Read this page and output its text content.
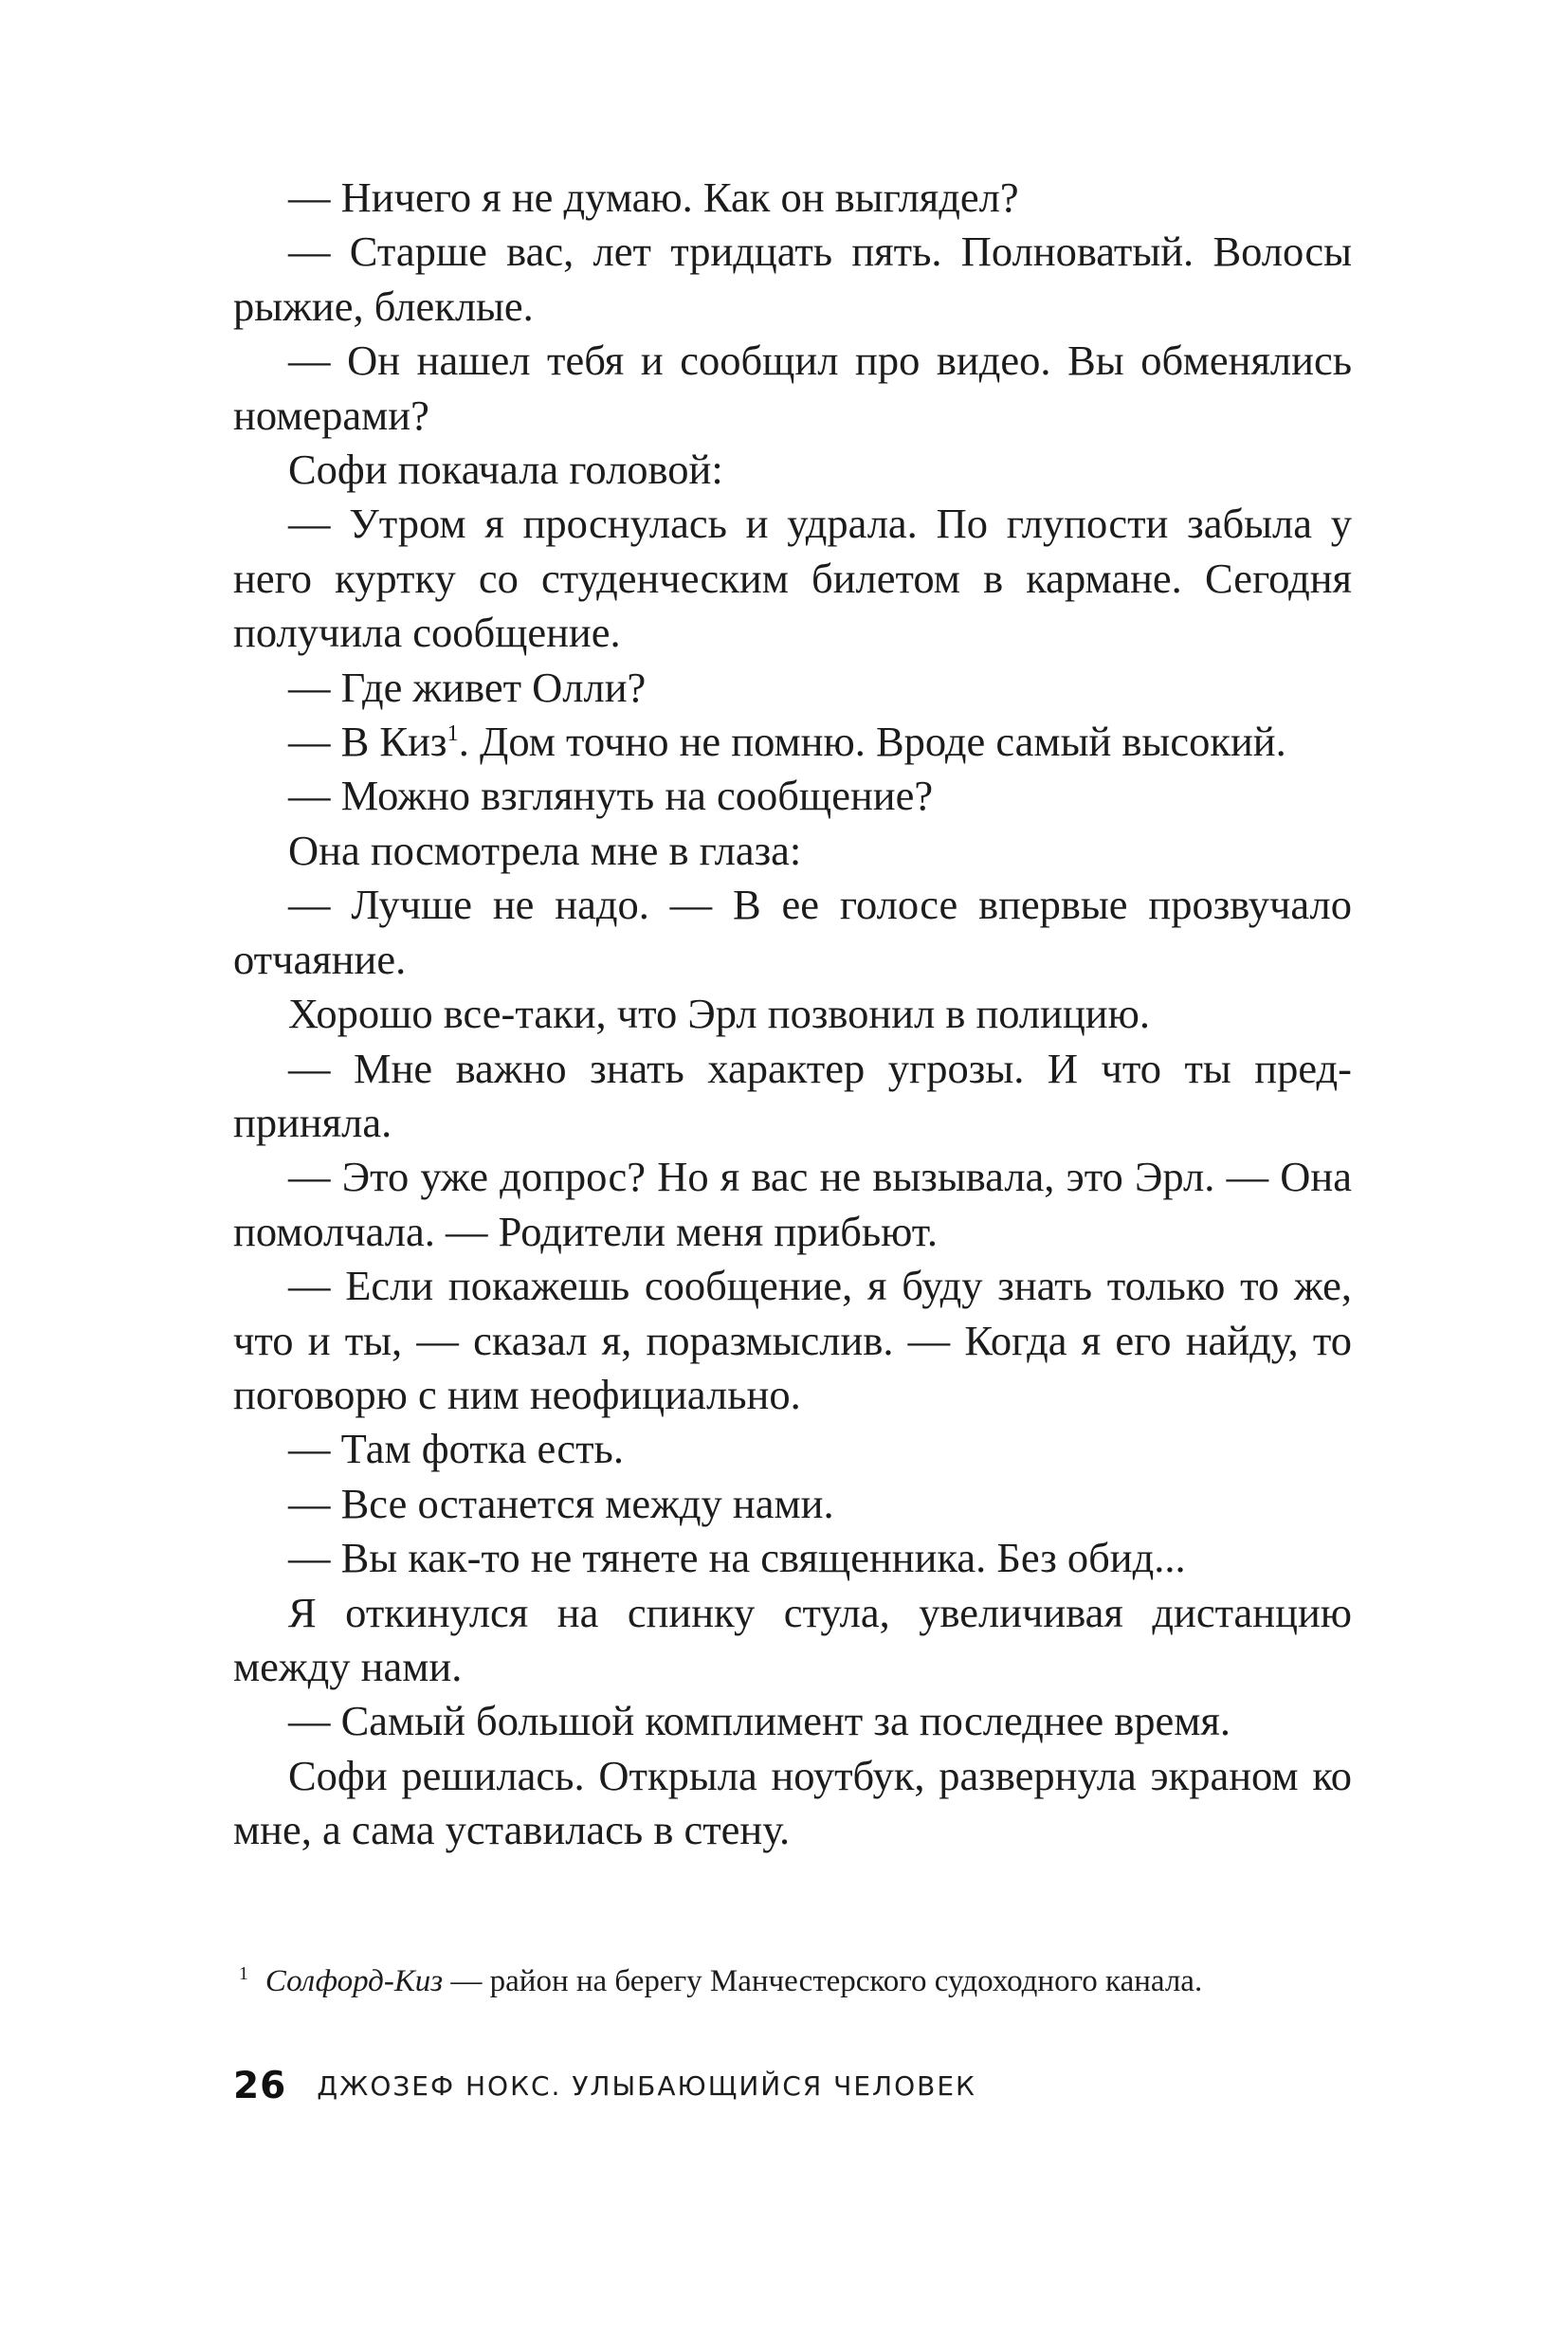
— Ничего я не думаю. Как он выглядел?

— Старше вас, лет тридцать пять. Полноватый. Волосы рыжие, блеклые.

— Он нашел тебя и сообщил про видео. Вы обменялись номерами?

Софи покачала головой:

— Утром я проснулась и удрала. По глупости забыла у него куртку со студенческим билетом в кармане. Сегодня получила сообщение.

— Где живет Олли?

— В Киз$^1$. Дом точно не помню. Вроде самый высокий.

— Можно взглянуть на сообщение?

Она посмотрела мне в глаза:

— Лучше не надо. — В ее голосе впервые прозвучало отчаяние.

Хорошо все-таки, что Эрл позвонил в полицию.

— Мне важно знать характер угрозы. И что ты предприняла.

— Это уже допрос? Но я вас не вызывала, это Эрл. — Она помолчала. — Родители меня прибьют.

— Если покажешь сообщение, я буду знать только то же, что и ты, — сказал я, поразмыслив. — Когда я его найду, то поговорю с ним неофициально.

— Там фотка есть.

— Все останется между нами.

— Вы как-то не тянете на священника. Без обид...

Я откинулся на спинку стула, увеличивая дистанцию между нами.

— Самый большой комплимент за последнее время.

Софи решилась. Открыла ноутбук, развернула экраном ко мне, а сама уставилась в стену.

$^1$ Солфорд-Киз — район на берегу Манчестерского судоходного канала.
26 ДЖОЗЕФ НОКС. УЛЫБАЮЩИЙСЯ ЧЕЛОВЕК
